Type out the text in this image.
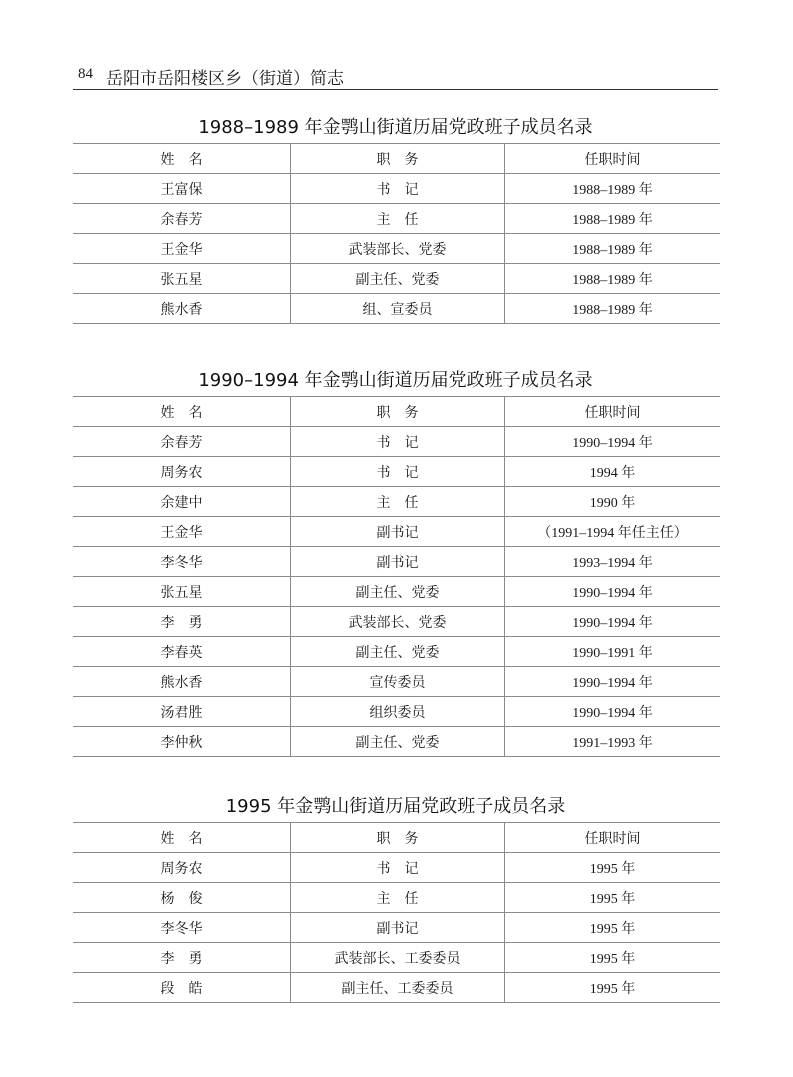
84 岳阳市岳阳楼区乡（街道）简志
1988–1989 年金鹗山街道历届党政班子成员名录
姓　名	职　务	任职时间
王富保	书　记	1988–1989 年
余春芳	主　任	1988–1989 年
王金华	武装部长、党委	1988–1989 年
张五星	副主任、党委	1988–1989 年
熊水香	组、宣委员	1988–1989 年
1990–1994 年金鹗山街道历届党政班子成员名录
姓　名	职　务	任职时间
余春芳	书　记	1990–1994 年
周务农	书　记	1994 年
余建中	主　任	1990 年
王金华	副书记	（1991–1994 年任主任）
李冬华	副书记	1993–1994 年
张五星	副主任、党委	1990–1994 年
李　勇	武装部长、党委	1990–1994 年
李春英	副主任、党委	1990–1991 年
熊水香	宣传委员	1990–1994 年
汤君胜	组织委员	1990–1994 年
李仲秋	副主任、党委	1991–1993 年
1995 年金鹗山街道历届党政班子成员名录
姓　名	职　务	任职时间
周务农	书　记	1995 年
杨　俊	主　任	1995 年
李冬华	副书记	1995 年
李　勇	武装部长、工委委员	1995 年
段　皓	副主任、工委委员	1995 年
